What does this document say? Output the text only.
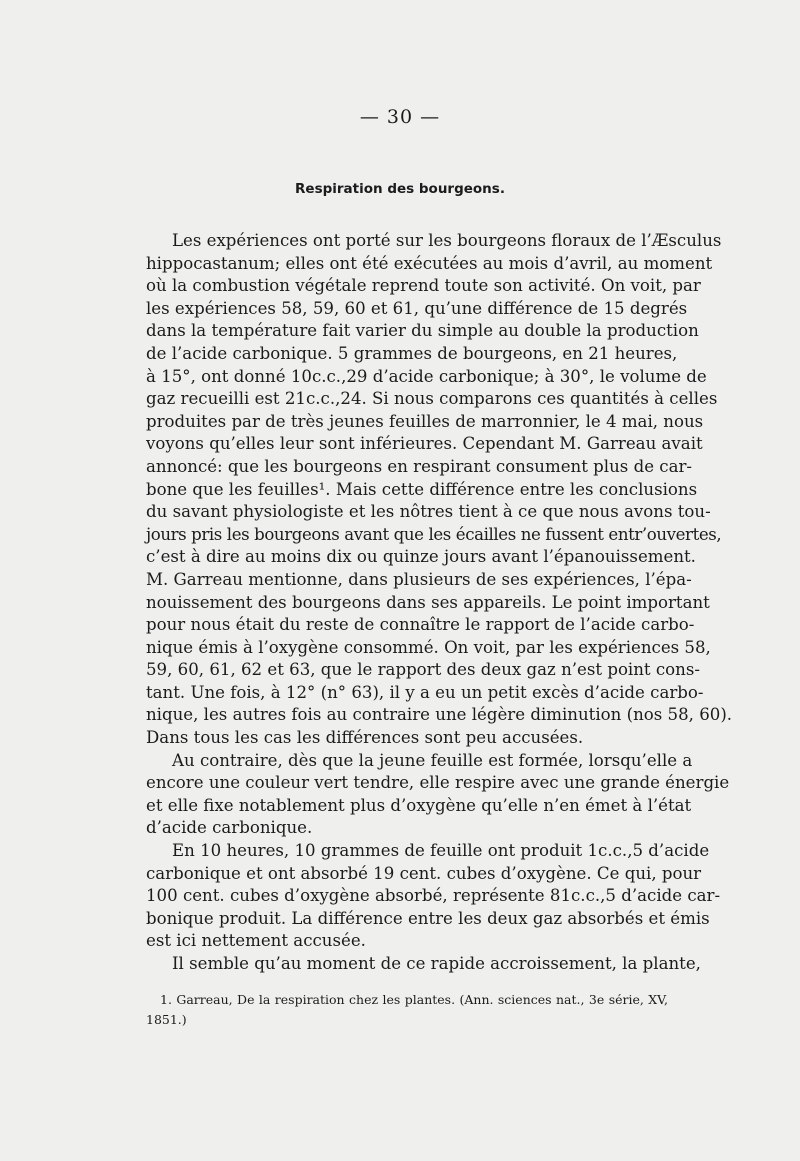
— 30 —
Respiration des bourgeons.
Les expériences ont porté sur les bourgeons floraux de l’Æsculus
hippocastanum; elles ont été exécutées au mois d’avril, au moment
où la combustion végétale reprend toute son activité. On voit, par
les expériences 58, 59, 60 et 61, qu’une différence de 15 degrés
dans la température fait varier du simple au double la production
de l’acide carbonique. 5 grammes de bourgeons, en 21 heures,
à 15°, ont donné 10c.c.,29 d’acide carbonique; à 30°, le volume de
gaz recueilli est 21c.c.,24. Si nous comparons ces quantités à celles
produites par de très jeunes feuilles de marronnier, le 4 mai, nous
voyons qu’elles leur sont inférieures. Cependant M. Garreau avait
annoncé: que les bourgeons en respirant consument plus de car-
bone que les feuilles¹. Mais cette différence entre les conclusions
du savant physiologiste et les nôtres tient à ce que nous avons tou-
jours pris les bourgeons avant que les écailles ne fussent entr’ouvertes,
c’est à dire au moins dix ou quinze jours avant l’épanouissement.
M. Garreau mentionne, dans plusieurs de ses expériences, l’épa-
nouissement des bourgeons dans ses appareils. Le point important
pour nous était du reste de connaître le rapport de l’acide carbo-
nique émis à l’oxygène consommé. On voit, par les expériences 58,
59, 60, 61, 62 et 63, que le rapport des deux gaz n’est point cons-
tant. Une fois, à 12° (n° 63), il y a eu un petit excès d’acide carbo-
nique, les autres fois au contraire une légère diminution (nos 58, 60).
Dans tous les cas les différences sont peu accusées.
Au contraire, dès que la jeune feuille est formée, lorsqu’elle a
encore une couleur vert tendre, elle respire avec une grande énergie
et elle fixe notablement plus d’oxygène qu’elle n’en émet à l’état
d’acide carbonique.
En 10 heures, 10 grammes de feuille ont produit 1c.c.,5 d’acide
carbonique et ont absorbé 19 cent. cubes d’oxygène. Ce qui, pour
100 cent. cubes d’oxygène absorbé, représente 81c.c.,5 d’acide car-
bonique produit. La différence entre les deux gaz absorbés et émis
est ici nettement accusée.
Il semble qu’au moment de ce rapide accroissement, la plante,
1. Garreau, De la respiration chez les plantes. (Ann. sciences nat., 3e série, XV,
1851.)
